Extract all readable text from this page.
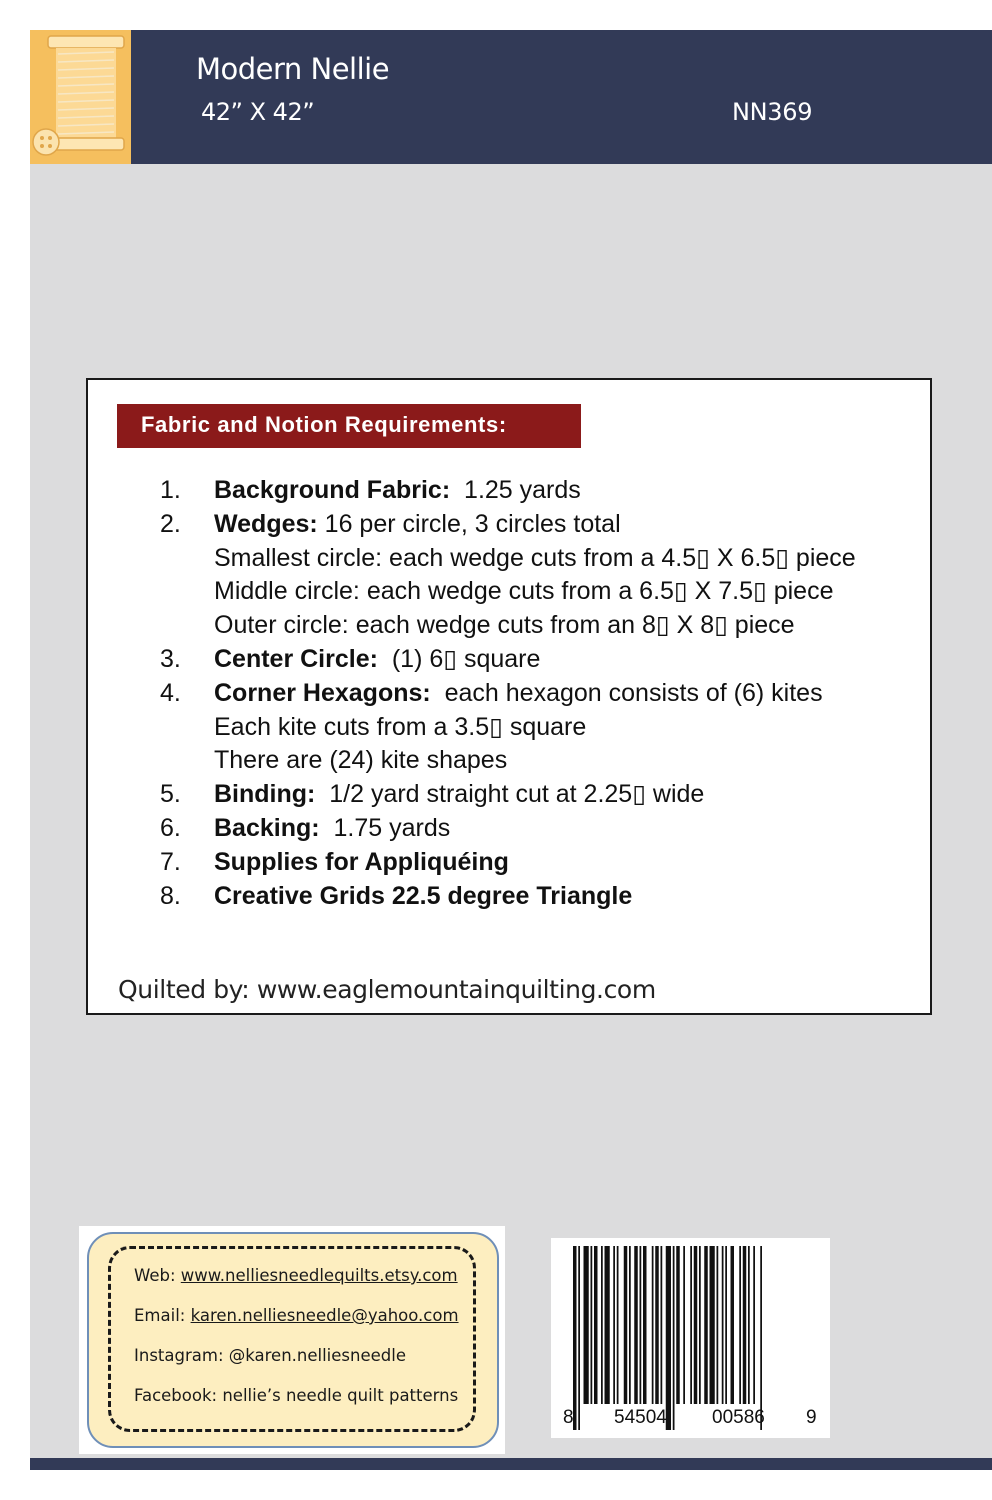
Modern Nellie
42” X 42”	NN369
Fabric and Notion Requirements:
1.	Background Fabric:  1.25 yards
2.	Wedges: 16 per circle, 3 circles total
Smallest circle: each wedge cuts from a 4.5▯ X 6.5▯ piece
Middle circle: each wedge cuts from a 6.5▯ X 7.5▯ piece
Outer circle: each wedge cuts from an 8▯ X 8▯ piece
3.	Center Circle:  (1) 6▯ square
4.	Corner Hexagons:  each hexagon consists of (6) kites
Each kite cuts from a 3.5▯ square
There are (24) kite shapes
5.	Binding:  1/2 yard straight cut at 2.25▯ wide
6.	Backing:  1.75 yards
7.	Supplies for Appliquéing
8.	Creative Grids 22.5 degree Triangle
Quilted by: www.eaglemountainquilting.com
Web: www.nelliesneedlequilts.etsy.com
Email: karen.nelliesneedle@yahoo.com
Instagram: @karen.nelliesneedle
Facebook: nellie’s needle quilt patterns
8 54504 00586 9
